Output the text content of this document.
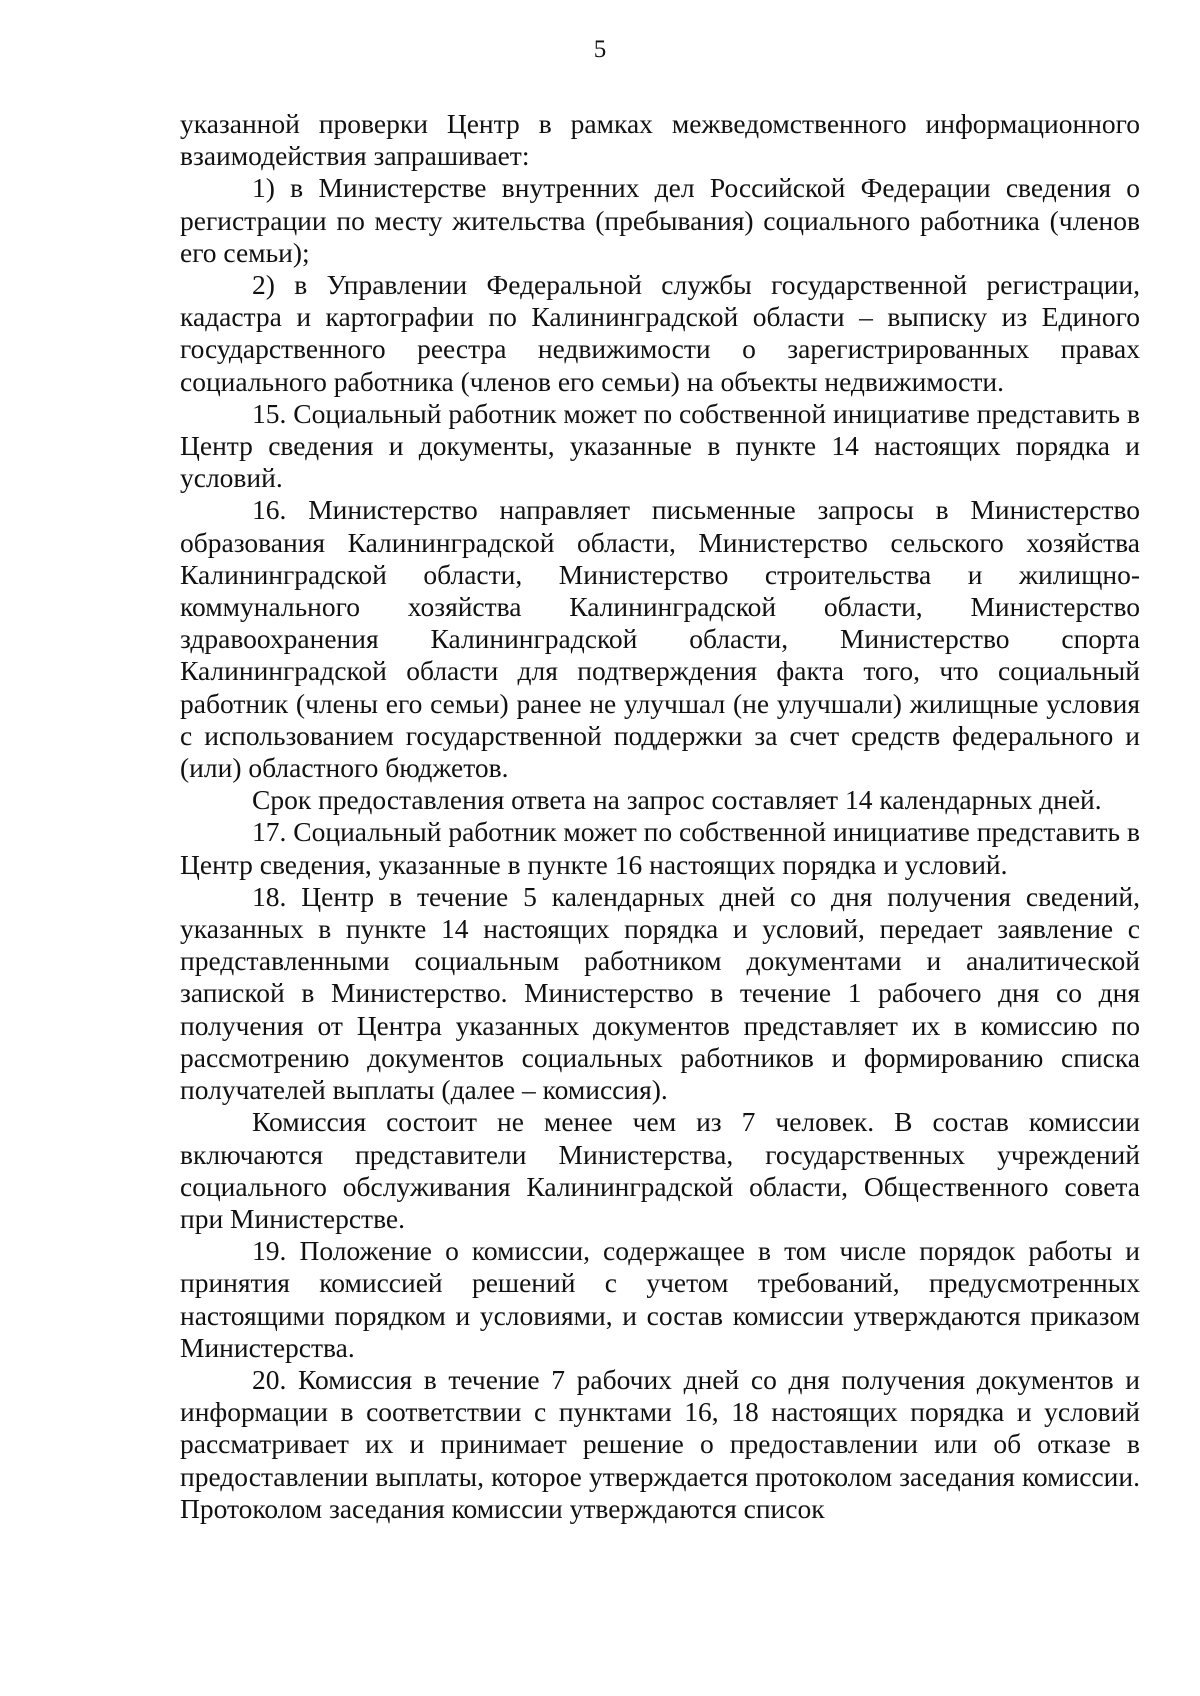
5

указанной проверки Центр в рамках межведомственного информационного взаимодействия запрашивает:

1) в Министерстве внутренних дел Российской Федерации сведения о регистрации по месту жительства (пребывания) социального работника (членов его семьи);

2) в Управлении Федеральной службы государственной регистрации, кадастра и картографии по Калининградской области – выписку из Единого государственного реестра недвижимости о зарегистрированных правах социального работника (членов его семьи) на объекты недвижимости.

15. Социальный работник может по собственной инициативе представить в Центр сведения и документы, указанные в пункте 14 настоящих порядка и условий.

16. Министерство направляет письменные запросы в Министерство образования Калининградской области, Министерство сельского хозяйства Калининградской области, Министерство строительства и жилищно-коммунального хозяйства Калининградской области, Министерство здравоохранения Калининградской области, Министерство спорта Калининградской области для подтверждения факта того, что социальный работник (члены его семьи) ранее не улучшал (не улучшали) жилищные условия с использованием государственной поддержки за счет средств федерального и (или) областного бюджетов.

Срок предоставления ответа на запрос составляет 14 календарных дней.

17. Социальный работник может по собственной инициативе представить в Центр сведения, указанные в пункте 16 настоящих порядка и условий.

18. Центр в течение 5 календарных дней со дня получения сведений, указанных в пункте 14 настоящих порядка и условий, передает заявление с представленными социальным работником документами и аналитической запиской в Министерство. Министерство в течение 1 рабочего дня со дня получения от Центра указанных документов представляет их в комиссию по рассмотрению документов социальных работников и формированию списка получателей выплаты (далее – комиссия).

Комиссия состоит не менее чем из 7 человек. В состав комиссии включаются представители Министерства, государственных учреждений социального обслуживания Калининградской области, Общественного совета при Министерстве.

19. Положение о комиссии, содержащее в том числе порядок работы и принятия комиссией решений с учетом требований, предусмотренных настоящими порядком и условиями, и состав комиссии утверждаются приказом Министерства.

20. Комиссия в течение 7 рабочих дней со дня получения документов и информации в соответствии с пунктами 16, 18 настоящих порядка и условий рассматривает их и принимает решение о предоставлении или об отказе в предоставлении выплаты, которое утверждается протоколом заседания комиссии. Протоколом заседания комиссии утверждаются список
